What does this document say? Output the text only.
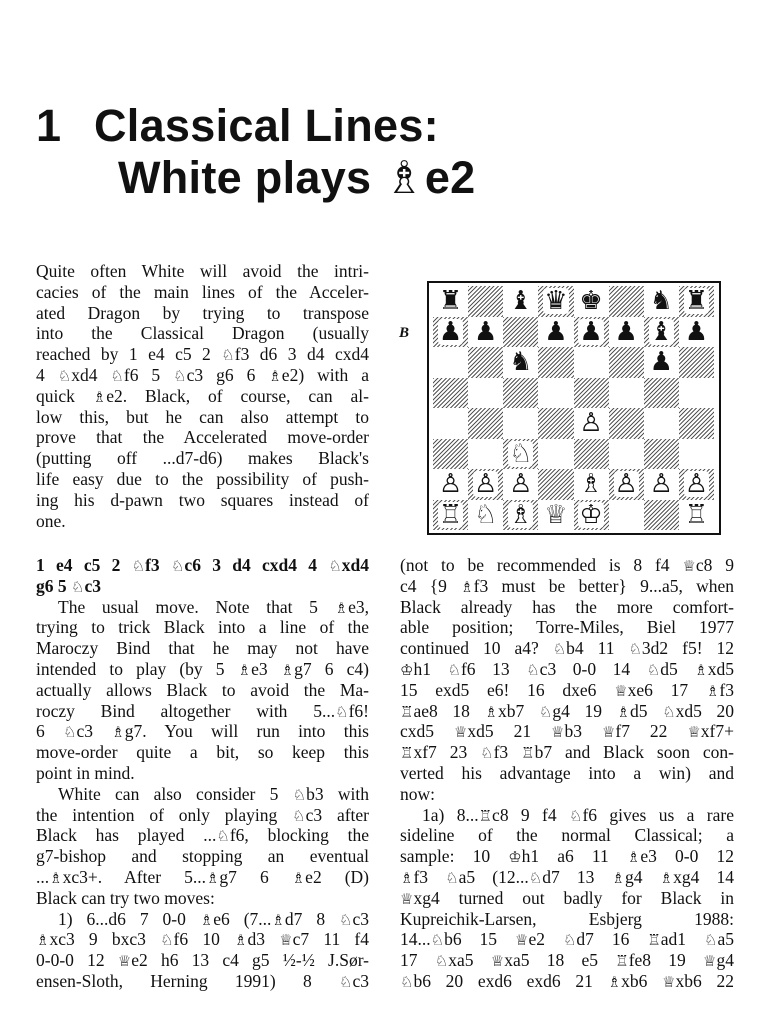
1 Classical Lines:
White plays ♗e2
Quite often White will avoid the intri-
cacies of the main lines of the Acceler-
ated Dragon by trying to transpose
into the Classical Dragon (usually
reached by 1 e4 c5 2 ♘f3 d6 3 d4 cxd4
4 ♘xd4 ♘f6 5 ♘c3 g6 6 ♗e2) with a
quick ♗e2. Black, of course, can al-
low this, but he can also attempt to
prove that the Accelerated move-order
(putting off ...d7-d6) makes Black's
life easy due to the possibility of push-
ing his d-pawn two squares instead of
one.
1 e4 c5 2 ♘f3 ♘c6 3 d4 cxd4 4 ♘xd4
g6 5 ♘c3
The usual move. Note that 5 ♗e3,
trying to trick Black into a line of the
Maroczy Bind that he may not have
intended to play (by 5 ♗e3 ♗g7 6 c4)
actually allows Black to avoid the Ma-
roczy Bind altogether with 5...♘f6!
6 ♘c3 ♗g7. You will run into this
move-order quite a bit, so keep this
point in mind.
White can also consider 5 ♘b3 with
the intention of only playing ♘c3 after
Black has played ...♘f6, blocking the
g7-bishop and stopping an eventual
...♗xc3+. After 5...♗g7 6 ♗e2 (D)
Black can try two moves:
1) 6...d6 7 0-0 ♗e6 (7...♗d7 8 ♘c3
♗xc3 9 bxc3 ♘f6 10 ♗d3 ♕c7 11 f4
0-0-0 12 ♕e2 h6 13 c4 g5 ½-½ J.Sør-
ensen-Sloth, Herning 1991) 8 ♘c3
(not to be recommended is 8 f4 ♕c8 9
c4 {9 ♗f3 must be better} 9...a5, when
Black already has the more comfort-
able position; Torre-Miles, Biel 1977
continued 10 a4? ♘b4 11 ♘3d2 f5! 12
♔h1 ♘f6 13 ♘c3 0-0 14 ♘d5 ♗xd5
15 exd5 e6! 16 dxe6 ♕xe6 17 ♗f3
♖ae8 18 ♗xb7 ♘g4 19 ♗d5 ♘xd5 20
cxd5 ♕xd5 21 ♕b3 ♕f7 22 ♕xf7+
♖xf7 23 ♘f3 ♖b7 and Black soon con-
verted his advantage into a win) and
now:
1a) 8...♖c8 9 f4 ♘f6 gives us a rare
sideline of the normal Classical; a
sample: 10 ♔h1 a6 11 ♗e3 0-0 12
♗f3 ♘a5 (12...♘d7 13 ♗g4 ♗xg4 14
♕xg4 turned out badly for Black in
Kupreichik-Larsen, Esbjerg 1988:
14...♘b6 15 ♕e2 ♘d7 16 ♖ad1 ♘a5
17 ♘xa5 ♕xa5 18 e5 ♖fe8 19 ♕g4
♘b6 20 exd6 exd6 21 ♗xb6 ♕xb6 22
B
♜ ♝ ♛ ♚ ♞ ♜
♟ ♟ ♟ ♟ ♟ ♝ ♟
♞	♟
♙
♘
♙ ♙ ♙ ♗ ♙ ♙ ♙
♖ ♘ ♗ ♕ ♔	♖
